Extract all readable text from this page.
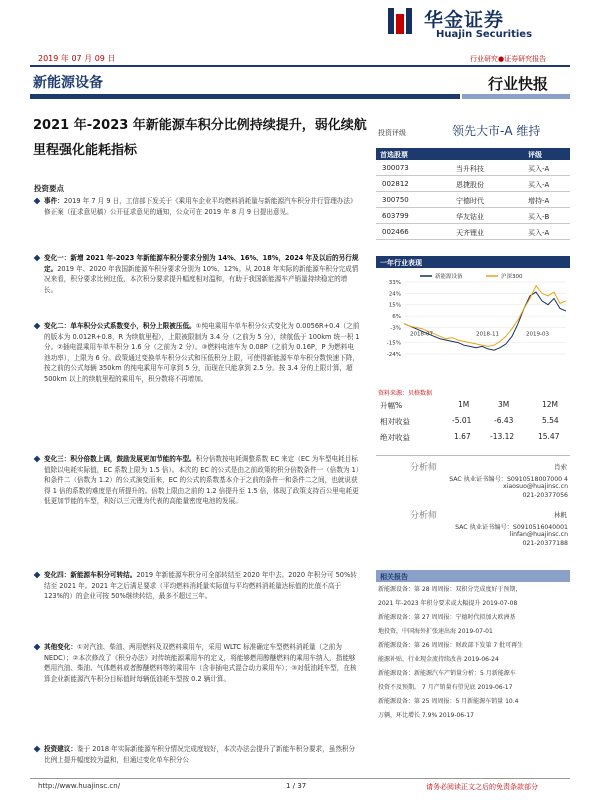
华金证券
Huajin Securities
2019 年 07 月 09 日	行业研究●证券研究报告
新能源设备	行业快报
2021 年-2023 年新能源车积分比例持续提升，弱化续航里程强化能耗指标
投资要点
事件：2019 年 7 月 9 日，工信部下发关于《乘用车企业平均燃料消耗量与新能源汽车积分并行管理办法》修正案（征求意见稿）公开征求意见的通知，公众可在 2019 年 8 月 9 日提出意见。
变化一：新增 2021 年-2023 年新能源车积分要求分别为 14%、16%、18%，2024 年及以后的另行规定。2019 年、2020 年我国新能源车积分要求分别为 10%、12%。从 2018 年实际的新能源车积分完成情况来看，积分要求比例过低，本次积分要求提升幅度相对温和，有助于我国新能源车产销量持续稳定的增长。
变化二：单车积分公式系数变小，积分上限被压低。①纯电乘用车单车积分公式变化为 0.0056R+0.4（之前的版本为 0.012R+0.8，R 为续航里程），上限被限制为 3.4 分（之前为 5 分），续航低于 100km 统一积 1 分。②插电混乘用车单车积分 1.6 分（之前为 2 分）。③燃料电池车为 0.08P（之前为 0.16P，P 为燃料电池功率），上限为 6 分。政策通过变换单车积分公式和压低积分上限，可使得新能源车单车积分数快速下降，按之前的公式每辆 350km 的纯电乘用车可拿到 5 分，而现在只能拿到 2.5 分。按 3.4 分的上限计算，超 500km 以上的续航里程的乘用车，积分数将不再增加。
变化三：积分倍数上调，鼓励发展更加节能的车型。积分倍数按电耗调整系数 EC 来定（EC 为车型电耗目标值除以电耗实际值，EC 系数上限为 1.5 倍）。本次的 EC 的公式是由之前政策的积分倍数条件一（倍数为 1）和条件二（倍数为 1.2）的公式演变而来，EC 的公式的系数基本介于之前的条件一和条件二之间，也就说获得 1 倍的系数的难度是有所提升的。倍数上限由之前的 1.2 倍提升至 1.5 倍，体现了政策支持百公里电耗更低更加节能的车型，利好以三元锂为代表的高能量密度电池的发展。
变化四：新能源车积分可转结。2019 年新能源车积分可全部转结至 2020 年中去。2020 年积分可 50%转结至 2021 年。2021 年之后满足要求（平均燃料消耗量实际值与平均燃料消耗量达标值的比值不高于 123%的）的企业可按 50%继续转结，最多不超过三年。
其他变化：①对汽油、柴油、两用燃料及双燃料乘用车，采用 WLTC 标准确定车型燃料消耗量（之前为 NEDC）；②本次修改了《积分办法》对传统能源乘用车的定义，将能够燃用醇醚燃料的乘用车纳入，指能够燃用汽油、柴油、气体燃料或者醇醚燃料等的乘用车（含非插电式混合动力乘用车）；③对低油耗车型，在核算企业新能源汽车积分目标值时每辆低油耗车型按 0.2 辆计算。
投资建议：鉴于 2018 年实际新能源车积分情况完成度较好，本次办法会提升了新能车积分要求，虽然积分比例上提升幅度较为温和，但通过变化单车积分公
投资评级	领先大市-A 维持
首选股票	评级
300073	当升科技	买入-A
002812	恩捷股份	买入-A
300750	宁德时代	增持-A
603799	华友钴业	买入-B
002466	天齐锂业	买入-A
一年行业表现
33%
24%
15%
6%
-3%
-15%
-24%
新能源设备	沪深300
2018-07	2018-11	2019-03
资料来源：贝格数据
升幅%	1M	3M	12M
相对收益	-5.01	-6.43	5.54
绝对收益	1.67	-13.12	15.47
分析师	肖索
SAC 执业证书编号：S0910518007000 4
xiaosuo@huajinsc.cn
021-20377056
分析师	林帆
SAC 执业证书编号：S0910516040001
linfan@huajinsc.cn
021-20377188
相关报告
新能源设备：第 28 周周报：双积分完成度好于预期，
2021 年-2023 年积分要求或大幅提升 2019-07-08
新能源设备：第 27 周周报：宁德时代拟加大欧洲基
地投资，中国海外扩张速出海 2019-07-01
新能源设备：第 26 周周报：财政部下发第 7 批可再生
能源补贴，行业现金流持续改善 2019-06-24
新能源设备：新能源汽车产销量分析：5 月新能源车
投资不及预期， 7 月产销量有望见底 2019-06-17
新能源设备：第 25 周周报：5 月新能源车销量 10.4
万辆，环比增长 7.9% 2019-06-17
http://www.huajinsc.cn/	1 / 37	请务必阅读正文之后的免责条款部分
